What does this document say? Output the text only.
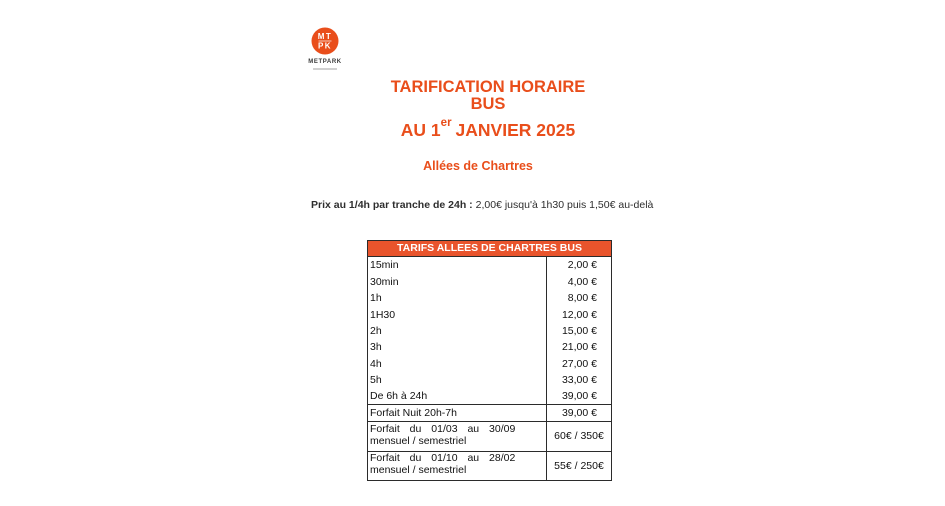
MT
PK
METPARK
TARIFICATION HORAIRE
BUS
AU 1er JANVIER 2025
Allées de Chartres
Prix au 1/4h par tranche de 24h : 2,00€ jusqu'à 1h30 puis 1,50€ au-delà
TARIFS ALLEES DE CHARTRES BUS
15min	2,00 €
30min	4,00 €
1h	8,00 €
1H30	12,00 €
2h	15,00 €
3h	21,00 €
4h	27,00 €
5h	33,00 €
De 6h à 24h	39,00 €
Forfait Nuit 20h-7h	39,00 €
Forfait du 01/03 au 30/09
mensuel / semestriel	60€ / 350€
Forfait du 01/10 au 28/02
mensuel / semestriel	55€ / 250€
